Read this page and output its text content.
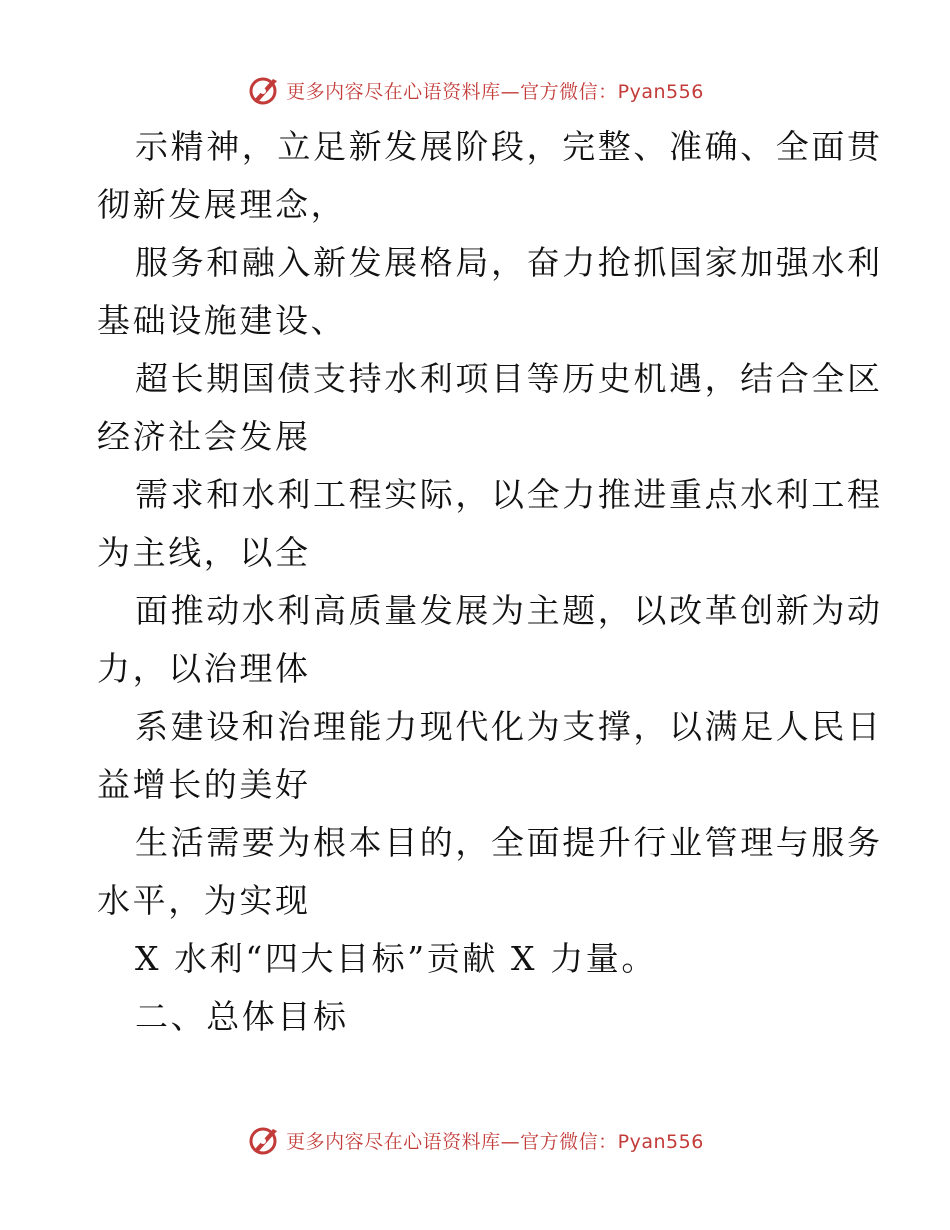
更多内容尽在心语资料库—官方微信：Pyan556

示精神，立足新发展阶段，完整、准确、全面贯
彻新发展理念，

服务和融入新发展格局，奋力抢抓国家加强水利
基础设施建设、

超长期国债支持水利项目等历史机遇，结合全区
经济社会发展

需求和水利工程实际，以全力推进重点水利工程
为主线，以全

面推动水利高质量发展为主题，以改革创新为动
力，以治理体

系建设和治理能力现代化为支撑，以满足人民日
益增长的美好

生活需要为根本目的，全面提升行业管理与服务
水平，为实现

X 水利“四大目标”贡献 X 力量。

二、总体目标

更多内容尽在心语资料库—官方微信：Pyan556
